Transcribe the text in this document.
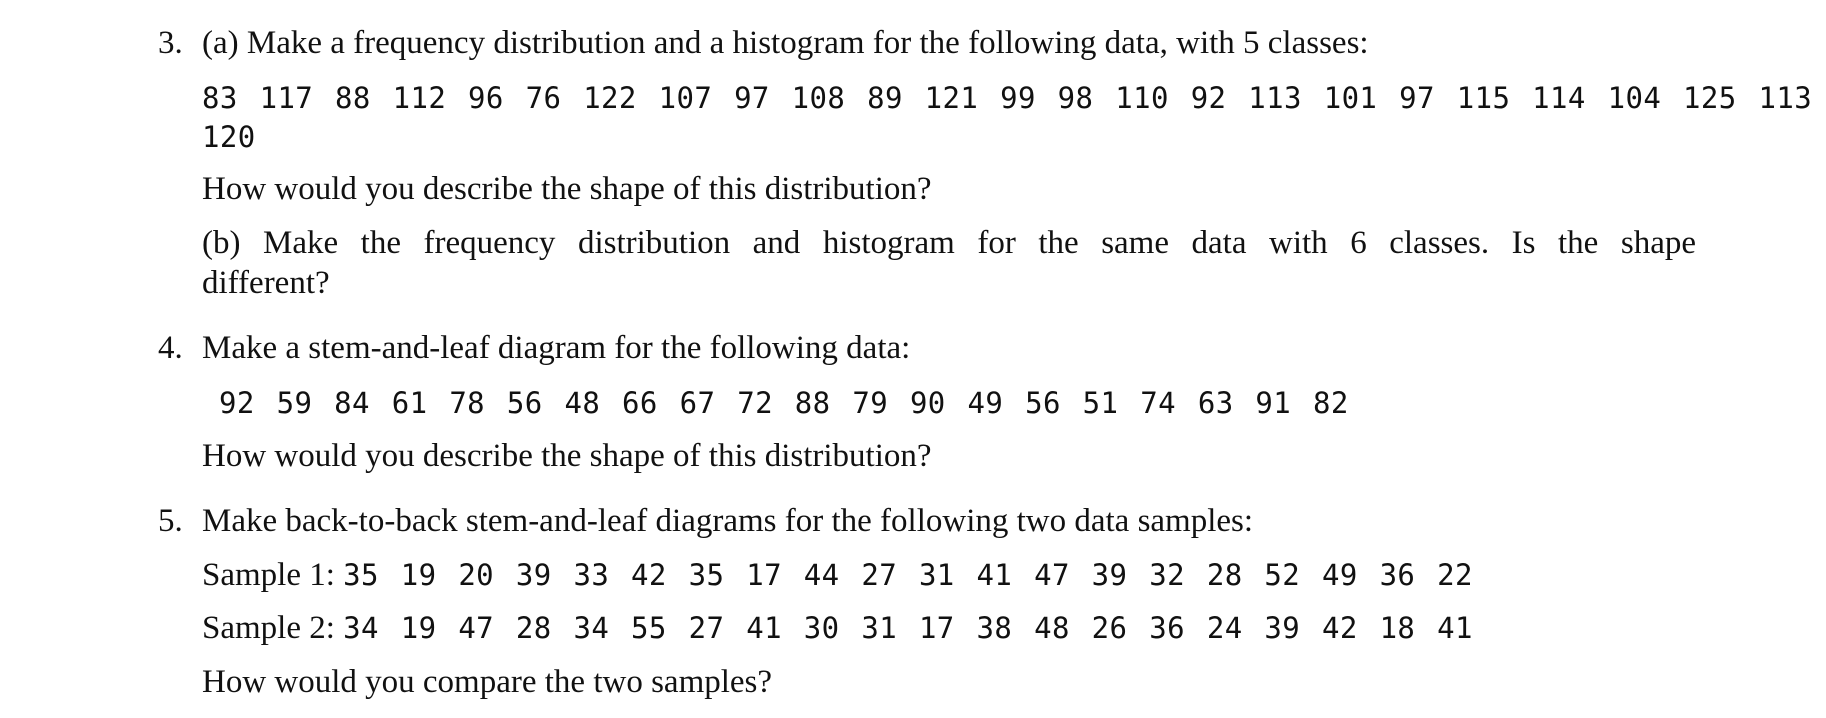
3. (a) Make a frequency distribution and a histogram for the following data, with 5 classes:
83 117 88 112 96 76 122 107 97 108 89 121 99 98 110 92 113 101 97 115 114 104 125 113
120
How would you describe the shape of this distribution?
(b) Make the frequency distribution and histogram for the same data with 6 classes. Is the shape
different?
4. Make a stem-and-leaf diagram for the following data:
92 59 84 61 78 56 48 66 67 72 88 79 90 49 56 51 74 63 91 82
How would you describe the shape of this distribution?
5. Make back-to-back stem-and-leaf diagrams for the following two data samples:
Sample 1: 35 19 20 39 33 42 35 17 44 27 31 41 47 39 32 28 52 49 36 22
Sample 2: 34 19 47 28 34 55 27 41 30 31 17 38 48 26 36 24 39 42 18 41
How would you compare the two samples?
